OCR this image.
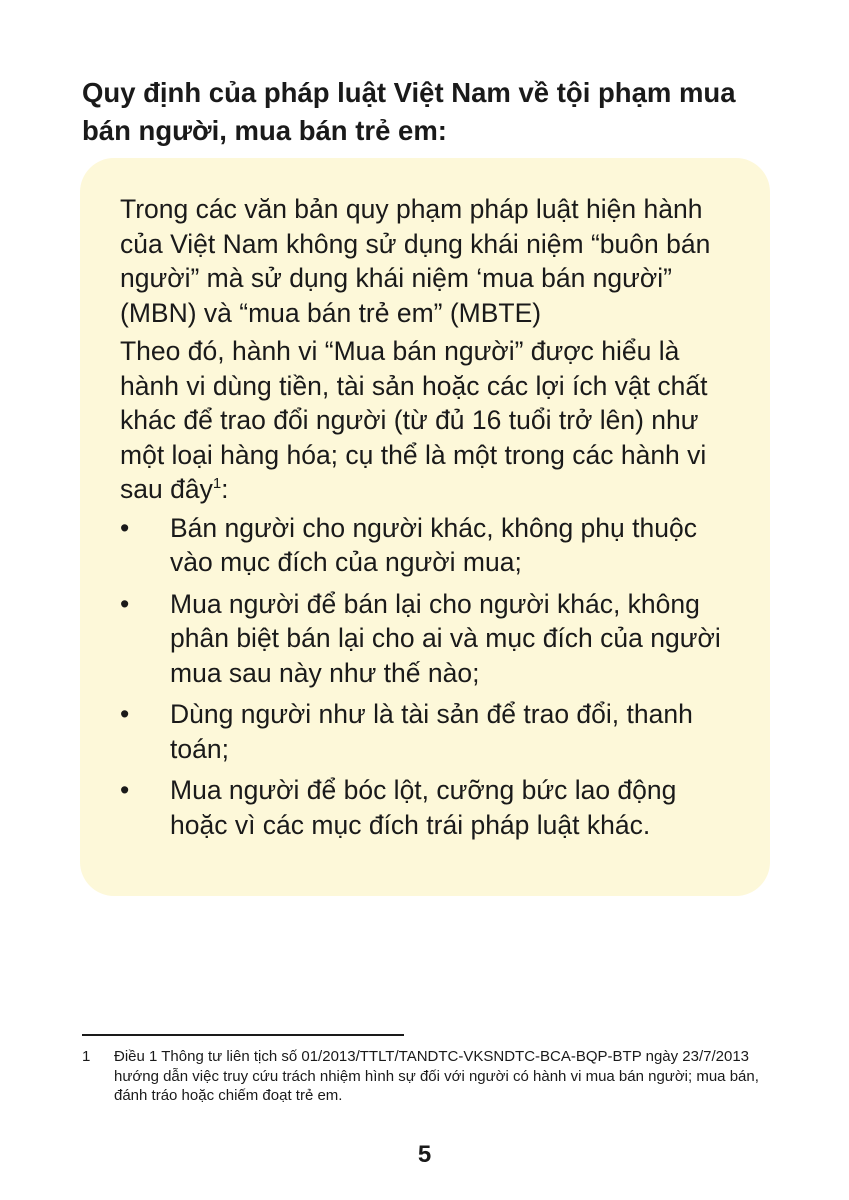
Quy định của pháp luật Việt Nam về tội phạm mua bán người, mua bán trẻ em:

Trong các văn bản quy phạm pháp luật hiện hành của Việt Nam không sử dụng khái niệm “buôn bán người” mà sử dụng khái niệm ‘mua bán người” (MBN) và “mua bán trẻ em” (MBTE)

Theo đó, hành vi “Mua bán người” được hiểu là hành vi dùng tiền, tài sản hoặc các lợi ích vật chất khác để trao đổi người (từ đủ 16 tuổi trở lên) như một loại hàng hóa; cụ thể là một trong các hành vi sau đây$^1$:

•	Bán người cho người khác, không phụ thuộc vào mục đích của người mua;
•	Mua người để bán lại cho người khác, không phân biệt bán lại cho ai và mục đích của người mua sau này như thế nào;
•	Dùng người như là tài sản để trao đổi, thanh toán;
•	Mua người để bóc lột, cưỡng bức lao động hoặc vì các mục đích trái pháp luật khác.
1 Điều 1 Thông tư liên tịch số 01/2013/TTLT/TANDTC-VKSNDTC-BCA-BQP-BTP ngày 23/7/2013 hướng dẫn việc truy cứu trách nhiệm hình sự đối với người có hành vi mua bán người; mua bán, đánh tráo hoặc chiếm đoạt trẻ em.
5
